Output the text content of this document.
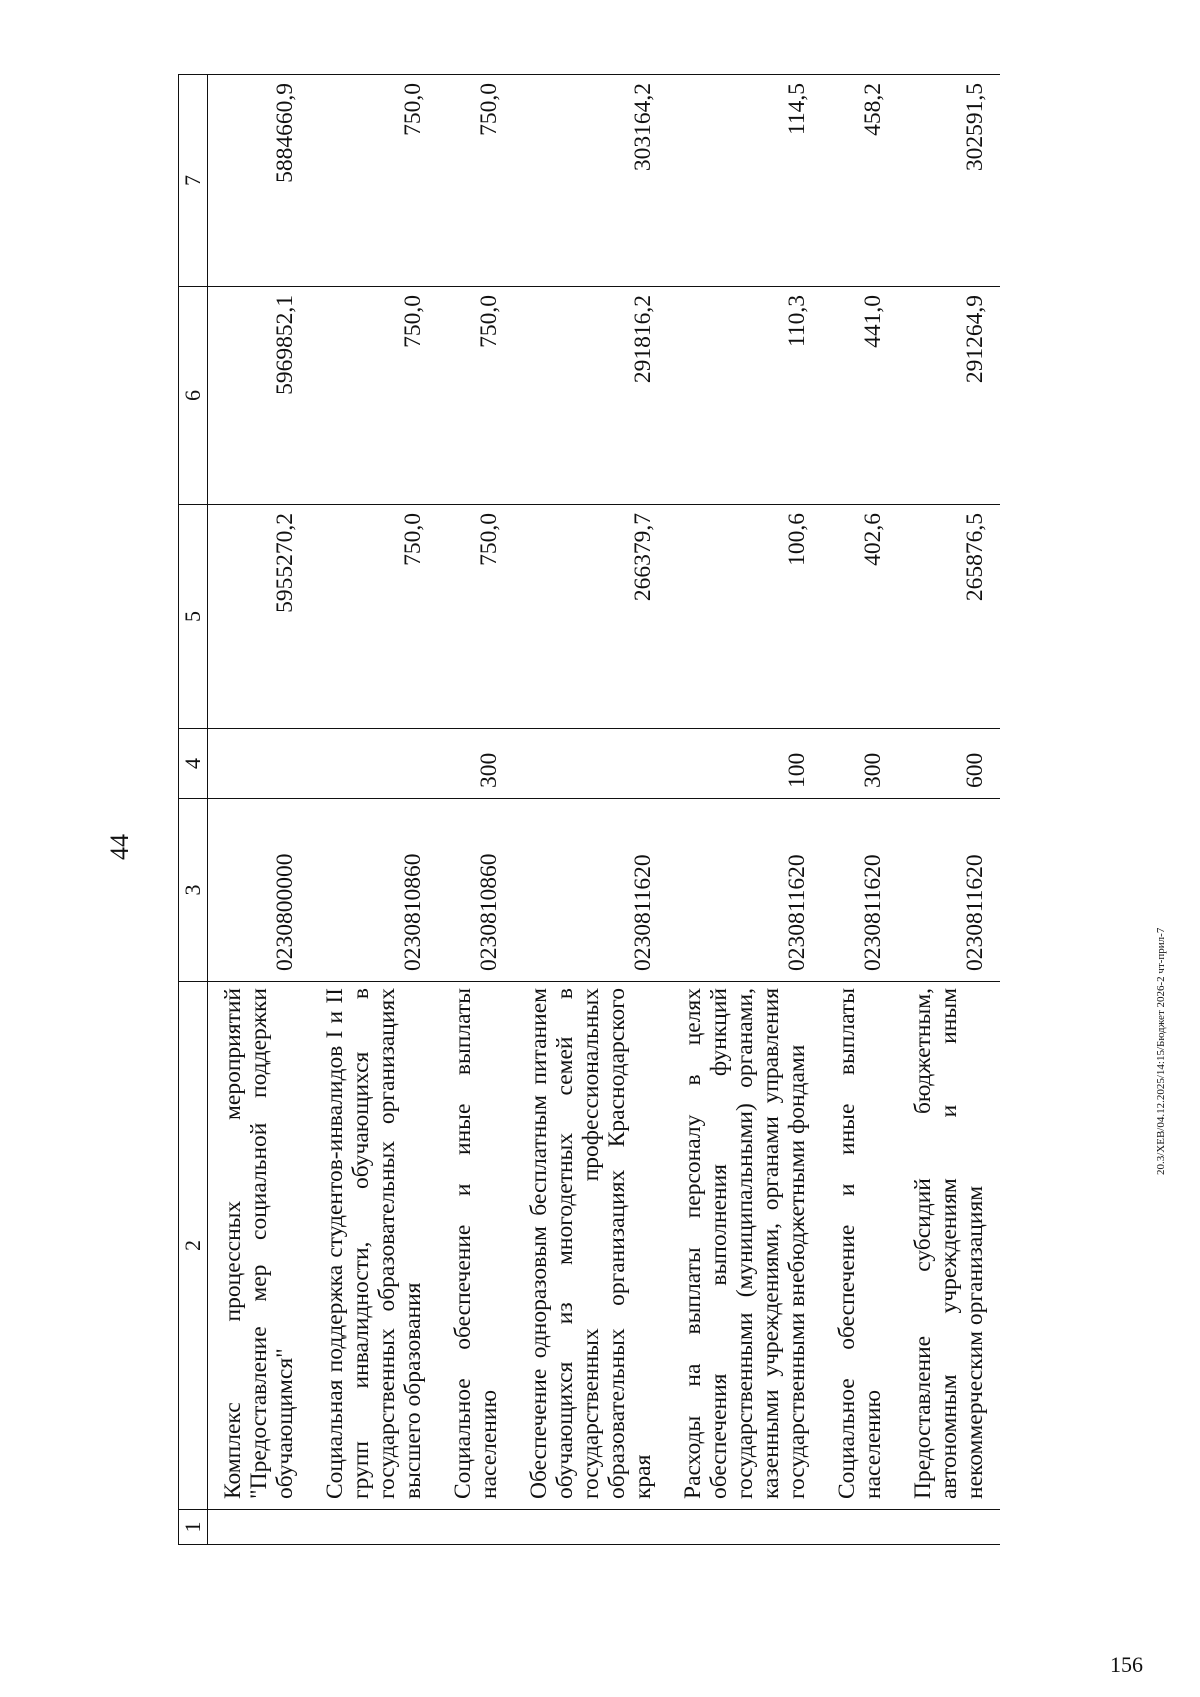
44
1	2	3	4	5	6	7
	Комплекс процессных мероприятий "Предоставление мер социальной поддержки обучающимся"	0230800000		5955270,2	5969852,1	5884660,9
	Социальная поддержка студентов-инвалидов I и II групп инвалидности, обучающихся в государственных образовательных организациях высшего образования	0230810860		750,0	750,0	750,0
	Социальное обеспечение и иные выплаты населению	0230810860	300	750,0	750,0	750,0
	Обеспечение одноразовым бесплатным питанием обучающихся из многодетных семей в государственных профессиональных образовательных организациях Краснодарского края	0230811620		266379,7	291816,2	303164,2
	Расходы на выплаты персоналу в целях обеспечения выполнения функций государственными (муниципальными) органами, казенными учреждениями, органами управления государственными внебюджетными фондами	0230811620	100	100,6	110,3	114,5
	Социальное обеспечение и иные выплаты населению	0230811620	300	402,6	441,0	458,2
	Предоставление субсидий бюджетным, автономным учреждениям и иным некоммерческим организациям	0230811620	600	265876,5	291264,9	302591,5
20.3/XEB/04.12.2025/14:15/Бюджет 2026-2 чт-прил-7
156
